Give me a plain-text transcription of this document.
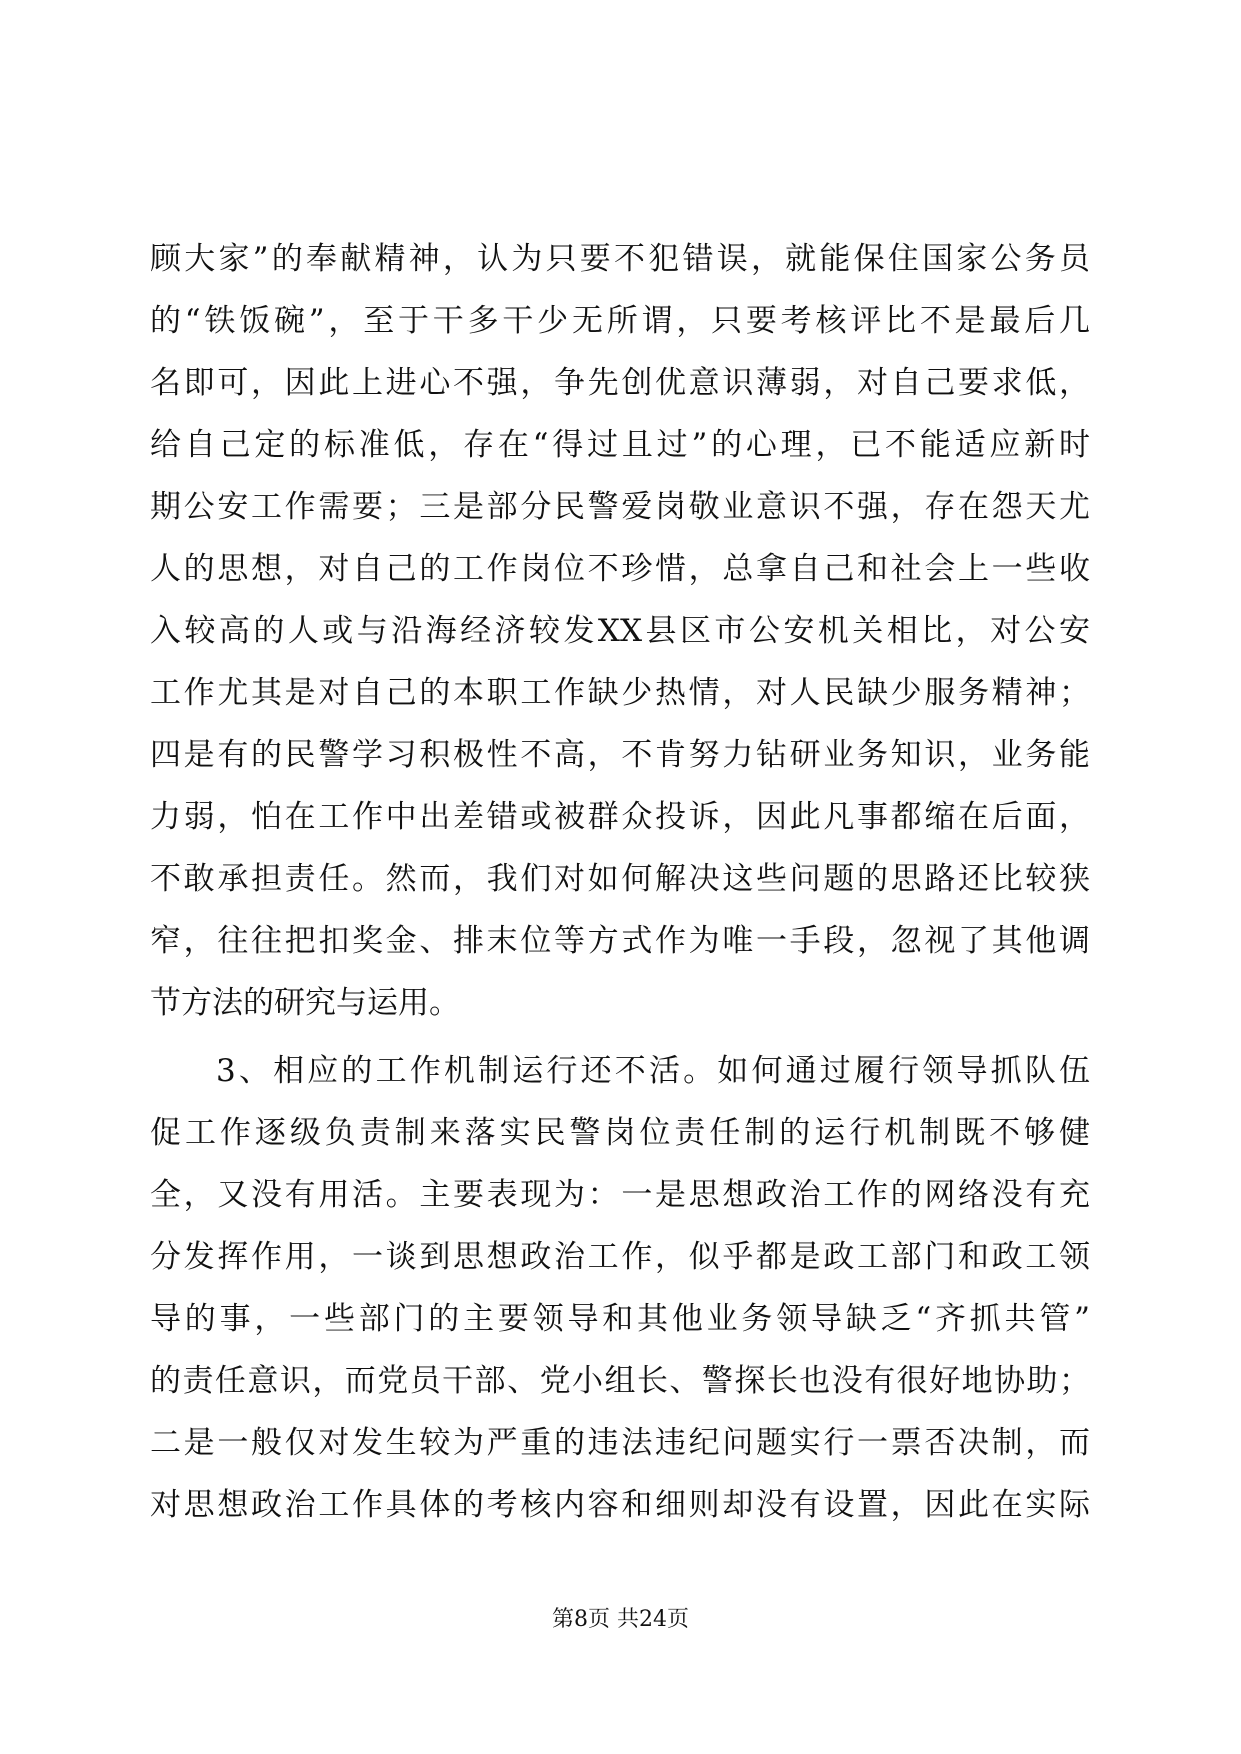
顾大家”的奉献精神，认为只要不犯错误，就能保住国家公务员
的“铁饭碗”，至于干多干少无所谓，只要考核评比不是最后几
名即可，因此上进心不强，争先创优意识薄弱，对自己要求低，
给自己定的标准低，存在“得过且过”的心理，已不能适应新时
期公安工作需要；三是部分民警爱岗敬业意识不强，存在怨天尤
人的思想，对自己的工作岗位不珍惜，总拿自己和社会上一些收
入较高的人或与沿海经济较发XX县区市公安机关相比，对公安
工作尤其是对自己的本职工作缺少热情，对人民缺少服务精神；
四是有的民警学习积极性不高，不肯努力钻研业务知识，业务能
力弱，怕在工作中出差错或被群众投诉，因此凡事都缩在后面，
不敢承担责任。然而，我们对如何解决这些问题的思路还比较狭
窄，往往把扣奖金、排末位等方式作为唯一手段，忽视了其他调
节方法的研究与运用。
3、相应的工作机制运行还不活。如何通过履行领导抓队伍
促工作逐级负责制来落实民警岗位责任制的运行机制既不够健
全，又没有用活。主要表现为：一是思想政治工作的网络没有充
分发挥作用，一谈到思想政治工作，似乎都是政工部门和政工领
导的事，一些部门的主要领导和其他业务领导缺乏“齐抓共管”
的责任意识，而党员干部、党小组长、警探长也没有很好地协助；
二是一般仅对发生较为严重的违法违纪问题实行一票否决制，而
对思想政治工作具体的考核内容和细则却没有设置，因此在实际
第8页 共24页
